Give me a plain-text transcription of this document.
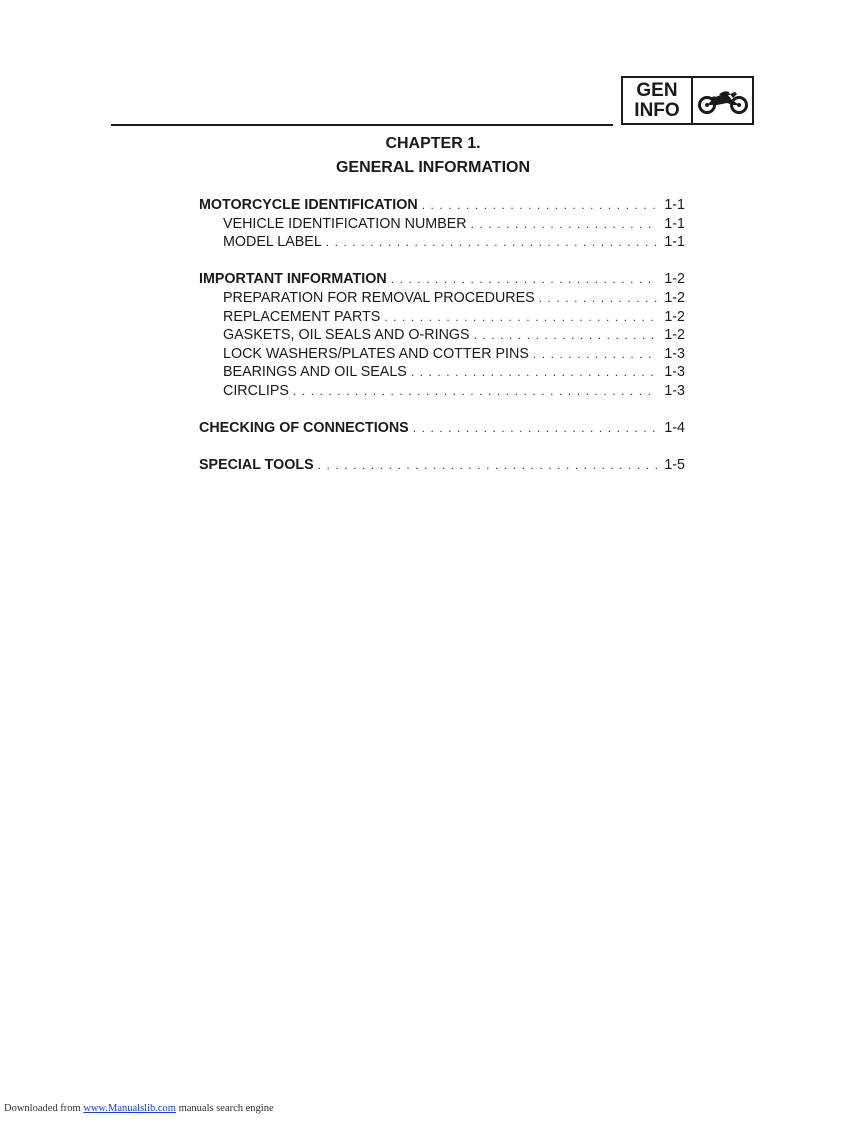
GEN
INFO
CHAPTER 1.
GENERAL INFORMATION
MOTORCYCLE IDENTIFICATION . . .	1-1
VEHICLE IDENTIFICATION NUMBER . . .	1-1
MODEL LABEL . . .	1-1
IMPORTANT INFORMATION . . .	1-2
PREPARATION FOR REMOVAL PROCEDURES . . .	1-2
REPLACEMENT PARTS . . .	1-2
GASKETS, OIL SEALS AND O-RINGS . . .	1-2
LOCK WASHERS/PLATES AND COTTER PINS . . .	1-3
BEARINGS AND OIL SEALS . . .	1-3
CIRCLIPS . . .	1-3
CHECKING OF CONNECTIONS . . .	1-4
SPECIAL TOOLS . . .	1-5
Downloaded from www.Manualslib.com manuals search engine
